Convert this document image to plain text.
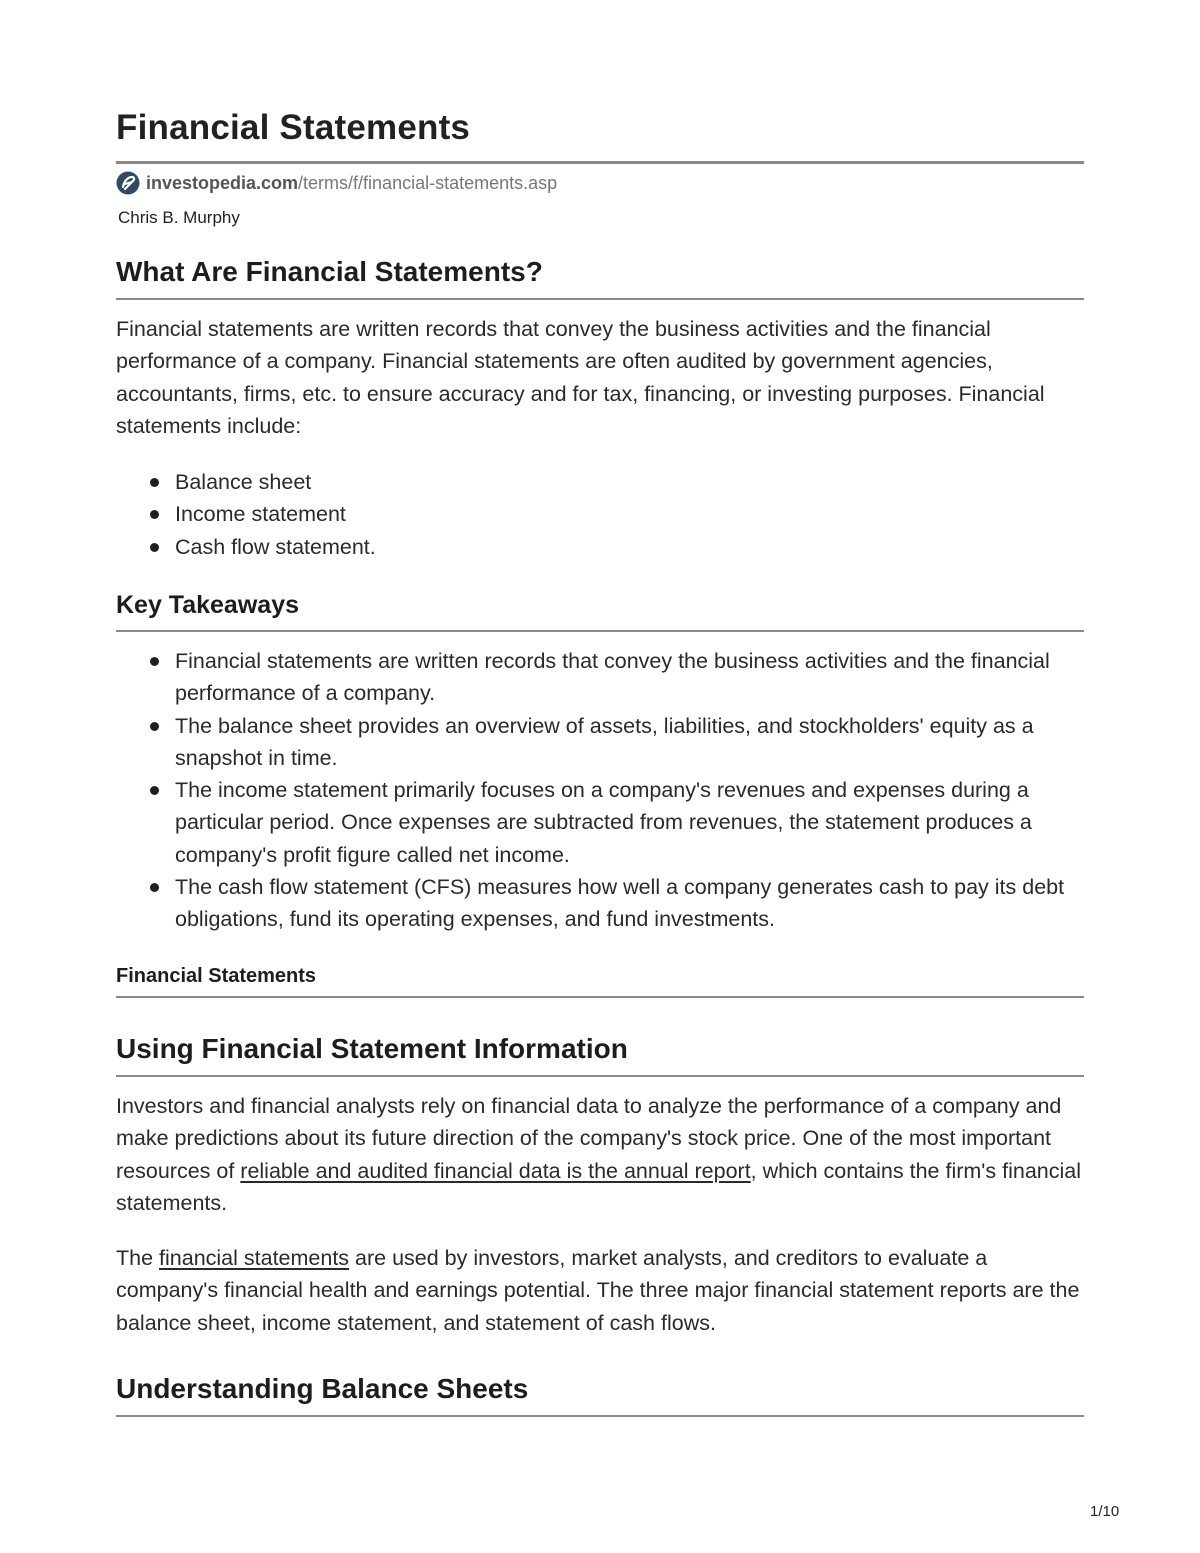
Financial Statements
investopedia.com /terms/f/financial-statements.asp
Chris B. Murphy
What Are Financial Statements?

Financial statements are written records that convey the business activities and the financial performance of a company. Financial statements are often audited by government agencies, accountants, firms, etc. to ensure accuracy and for tax, financing, or investing purposes. Financial statements include:

Balance sheet
Income statement
Cash flow statement.
Key Takeaways
Financial statements are written records that convey the business activities and the financial performance of a company.
The balance sheet provides an overview of assets, liabilities, and stockholders' equity as a snapshot in time.
The income statement primarily focuses on a company's revenues and expenses during a particular period. Once expenses are subtracted from revenues, the statement produces a company's profit figure called net income.
The cash flow statement (CFS) measures how well a company generates cash to pay its debt obligations, fund its operating expenses, and fund investments.
Financial Statements
Using Financial Statement Information

Investors and financial analysts rely on financial data to analyze the performance of a company and make predictions about its future direction of the company's stock price. One of the most important resources of reliable and audited financial data is the annual report, which contains the firm's financial statements.

The financial statements are used by investors, market analysts, and creditors to evaluate a company's financial health and earnings potential. The three major financial statement reports are the balance sheet, income statement, and statement of cash flows.

Understanding Balance Sheets
1/10
